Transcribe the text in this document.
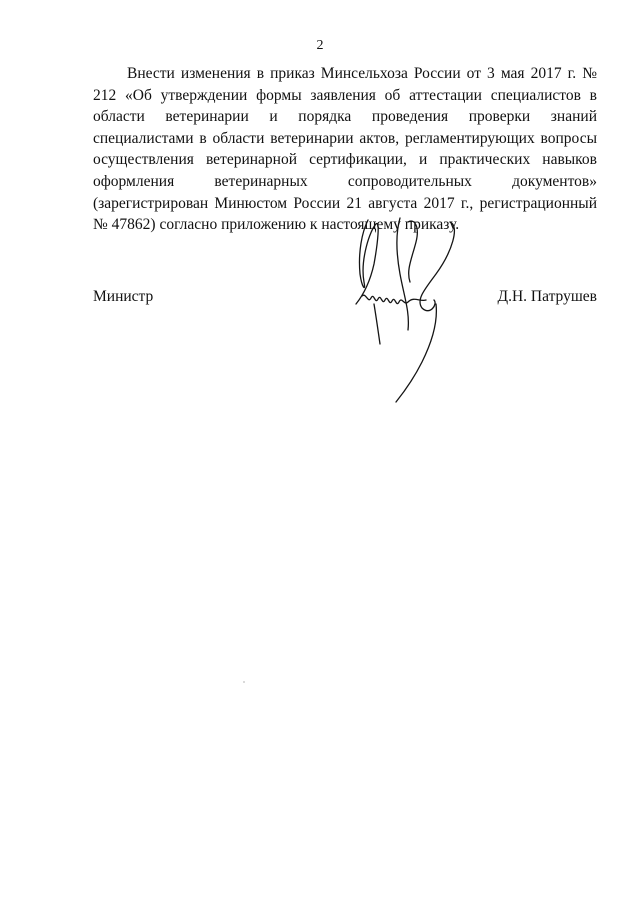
2

Внести изменения в приказ Минсельхоза России от 3 мая 2017 г. № 212 «Об утверждении формы заявления об аттестации специалистов в области ветеринарии и порядка проведения проверки знаний специалистами в области ветеринарии актов, регламентирующих вопросы осуществления ветеринарной сертификации, и практических навыков оформления ветеринарных сопроводительных документов» (зарегистрирован Минюстом России 21 августа 2017 г., регистрационный № 47862) согласно приложению к настоящему приказу.

Министр	Д.Н. Патрушев
